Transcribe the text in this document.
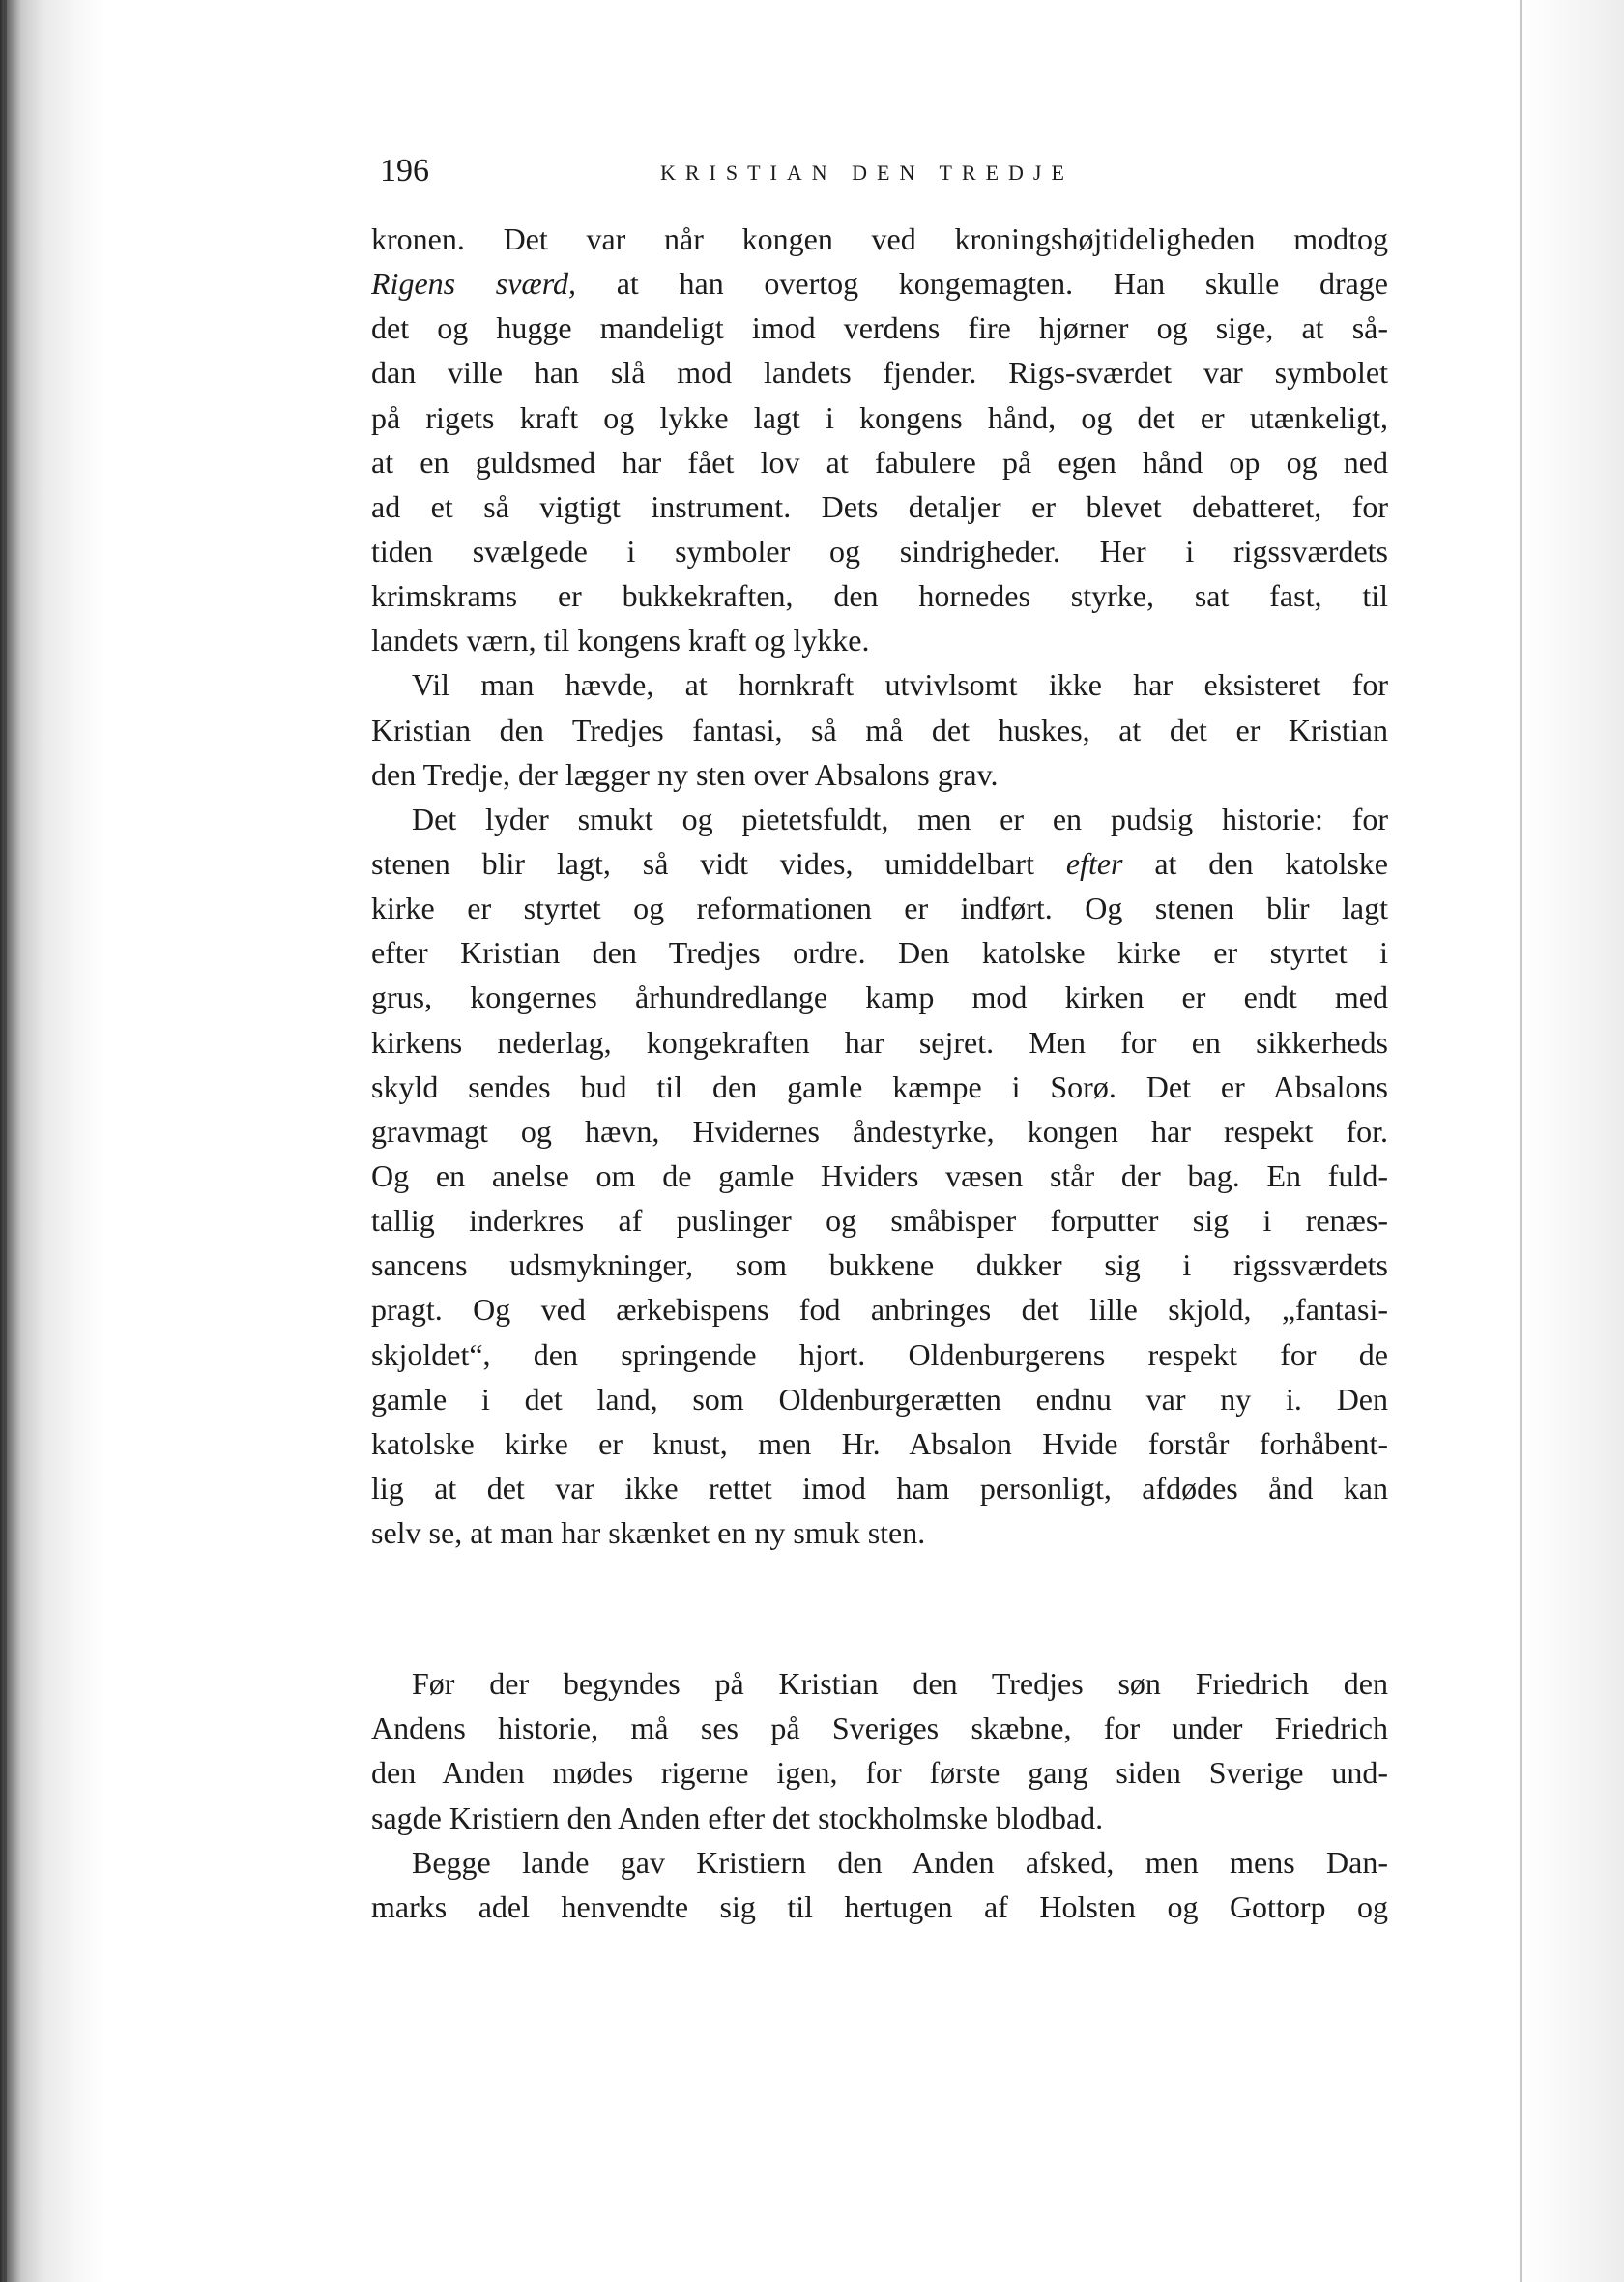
196	KRISTIAN DEN TREDJE
kronen. Det var når kongen ved kroningshøjtideligheden modtog
Rigens sværd, at han overtog kongemagten. Han skulle drage
det og hugge mandeligt imod verdens fire hjørner og sige, at så-
dan ville han slå mod landets fjender. Rigs-sværdet var symbolet
på rigets kraft og lykke lagt i kongens hånd, og det er utænkeligt,
at en guldsmed har fået lov at fabulere på egen hånd op og ned
ad et så vigtigt instrument. Dets detaljer er blevet debatteret, for
tiden svælgede i symboler og sindrigheder. Her i rigssværdets
krimskrams er bukkekraften, den hornedes styrke, sat fast, til
landets værn, til kongens kraft og lykke.
Vil man hævde, at hornkraft utvivlsomt ikke har eksisteret for
Kristian den Tredjes fantasi, så må det huskes, at det er Kristian
den Tredje, der lægger ny sten over Absalons grav.
Det lyder smukt og pietetsfuldt, men er en pudsig historie: for
stenen blir lagt, så vidt vides, umiddelbart efter at den katolske
kirke er styrtet og reformationen er indført. Og stenen blir lagt
efter Kristian den Tredjes ordre. Den katolske kirke er styrtet i
grus, kongernes århundredlange kamp mod kirken er endt med
kirkens nederlag, kongekraften har sejret. Men for en sikkerheds
skyld sendes bud til den gamle kæmpe i Sorø. Det er Absalons
gravmagt og hævn, Hvidernes åndestyrke, kongen har respekt for.
Og en anelse om de gamle Hviders væsen står der bag. En fuld-
tallig inderkres af puslinger og småbisper forputter sig i renæs-
sancens udsmykninger, som bukkene dukker sig i rigssværdets
pragt. Og ved ærkebispens fod anbringes det lille skjold, „fantasi-
skjoldet“, den springende hjort. Oldenburgerens respekt for de
gamle i det land, som Oldenburgerætten endnu var ny i. Den
katolske kirke er knust, men Hr. Absalon Hvide forstår forhåbent-
lig at det var ikke rettet imod ham personligt, afdødes ånd kan
selv se, at man har skænket en ny smuk sten.
Før der begyndes på Kristian den Tredjes søn Friedrich den
Andens historie, må ses på Sveriges skæbne, for under Friedrich
den Anden mødes rigerne igen, for første gang siden Sverige und-
sagde Kristiern den Anden efter det stockholmske blodbad.
Begge lande gav Kristiern den Anden afsked, men mens Dan-
marks adel henvendte sig til hertugen af Holsten og Gottorp og
